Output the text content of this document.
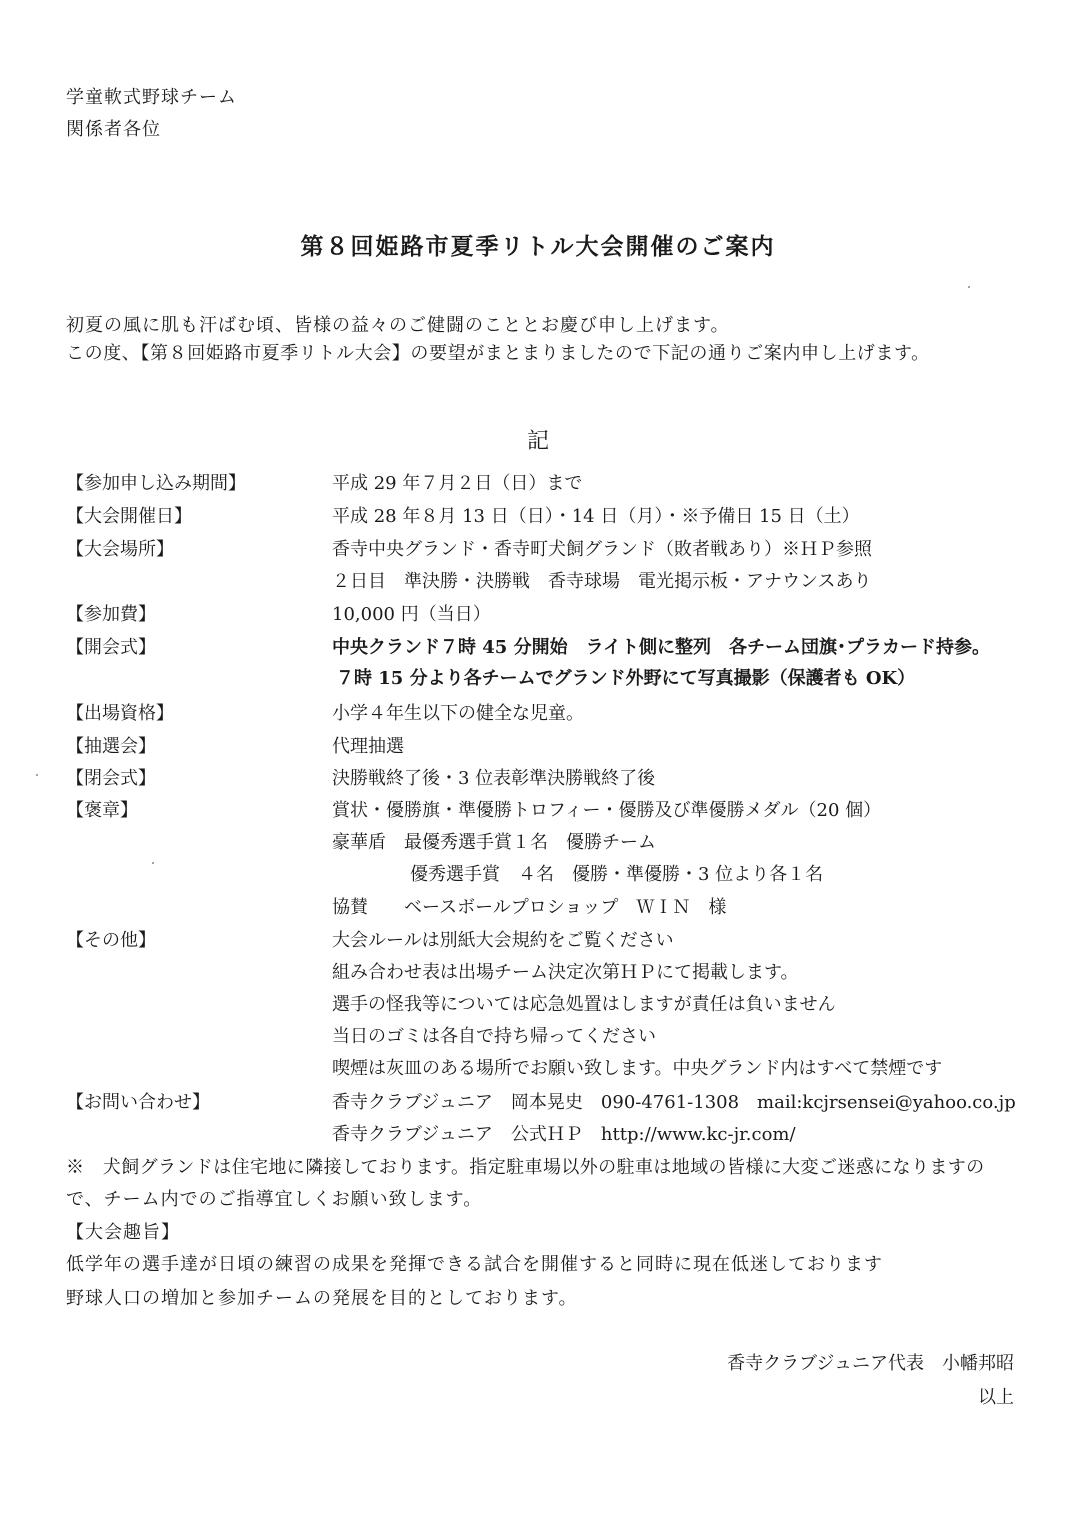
学童軟式野球チーム
関係者各位
第８回姫路市夏季リトル大会開催のご案内
初夏の風に肌も汗ばむ頃、皆様の益々のご健闘のこととお慶び申し上げます。
この度、【第８回姫路市夏季リトル大会】の要望がまとまりましたので下記の通りご案内申し上げます。
記
【参加申し込み期間】	平成 29 年７月２日（日）まで
【大会開催日】	平成 28 年８月 13 日（日）・14 日（月）・※予備日 15 日（土）
【大会場所】	香寺中央グランド・香寺町犬飼グランド（敗者戦あり）※ＨＰ参照
２日目　準決勝・決勝戦　香寺球場　電光掲示板・アナウンスあり
【参加費】	10,000 円（当日）
【開会式】	中央クランド７時 45 分開始　ライト側に整列　各チーム団旗･プラカード持参。
７時 15 分より各チームでグランド外野にて写真撮影（保護者も OK）
【出場資格】	小学４年生以下の健全な児童。
【抽選会】	代理抽選
【閉会式】	決勝戦終了後・3 位表彰準決勝戦終了後
【褒章】	賞状・優勝旗・準優勝トロフィー・優勝及び準優勝メダル（20 個）
豪華盾　最優秀選手賞１名　優勝チーム
優秀選手賞　４名　優勝・準優勝・3 位より各１名
協賛　　ベースボールプロショップ　ＷＩＮ　様
【その他】	大会ルールは別紙大会規約をご覧ください
組み合わせ表は出場チーム決定次第ＨＰにて掲載します。
選手の怪我等については応急処置はしますが責任は負いません
当日のゴミは各自で持ち帰ってください
喫煙は灰皿のある場所でお願い致します。中央グランド内はすべて禁煙です
【お問い合わせ】	香寺クラブジュニア　岡本晃史　090-4761-1308　mail:kcjrsensei@yahoo.co.jp
香寺クラブジュニア　公式ＨＰ　http://www.kc-jr.com/
※　犬飼グランドは住宅地に隣接しております。指定駐車場以外の駐車は地域の皆様に大変ご迷惑になりますの
で、チーム内でのご指導宜しくお願い致します。
【大会趣旨】
低学年の選手達が日頃の練習の成果を発揮できる試合を開催すると同時に現在低迷しております
野球人口の増加と参加チームの発展を目的としております。
香寺クラブジュニア代表　小幡邦昭
以上
